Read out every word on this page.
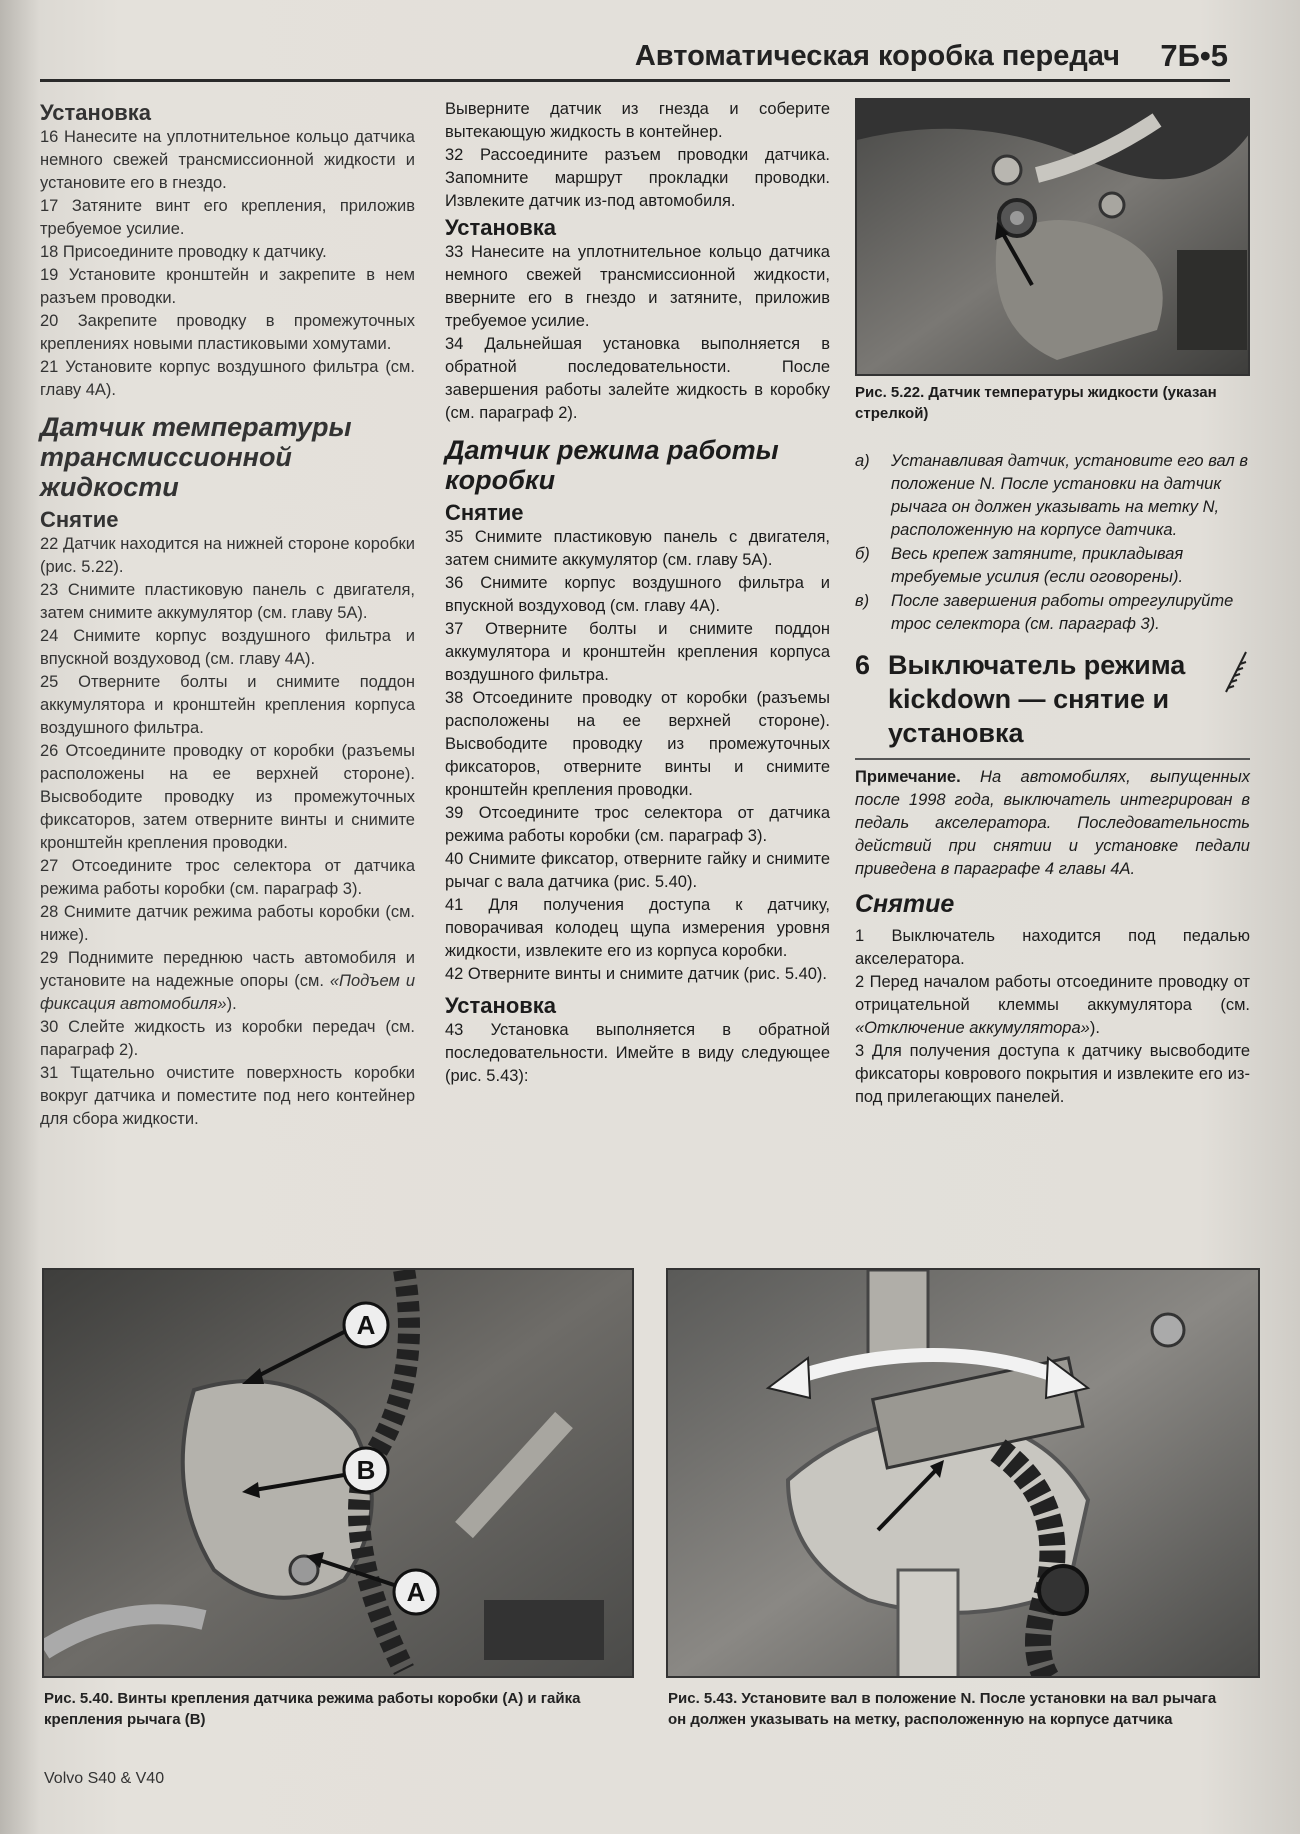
Автоматическая коробка передач 7Б•5
Установка

16 Нанесите на уплотнительное кольцо датчика немного свежей трансмиссионной жидкости и установите его в гнездо.

17 Затяните винт его крепления, приложив требуемое усилие.

18 Присоедините проводку к датчику.

19 Установите кронштейн и закрепите в нем разъем проводки.

20 Закрепите проводку в промежуточных креплениях новыми пластиковыми хомутами.

21 Установите корпус воздушного фильтра (см. главу 4А).

Датчик температуры трансмиссионной жидкости
Снятие

22 Датчик находится на нижней стороне коробки (рис. 5.22).

23 Снимите пластиковую панель с двигателя, затем снимите аккумулятор (см. главу 5А).

24 Снимите корпус воздушного фильтра и впускной воздуховод (см. главу 4А).

25 Отверните болты и снимите поддон аккумулятора и кронштейн крепления корпуса воздушного фильтра.

26 Отсоедините проводку от коробки (разъемы расположены на ее верхней стороне). Высвободите проводку из промежуточных фиксаторов, затем отверните винты и снимите кронштейн крепления проводки.

27 Отсоедините трос селектора от датчика режима работы коробки (см. параграф 3).

28 Снимите датчик режима работы коробки (см. ниже).

29 Поднимите переднюю часть автомобиля и установите на надежные опоры (см. «Подъем и фиксация автомобиля»).

30 Слейте жидкость из коробки передач (см. параграф 2).

31 Тщательно очистите поверхность коробки вокруг датчика и поместите под него контейнер для сбора жидкости.

Выверните датчик из гнезда и соберите вытекающую жидкость в контейнер.

32 Рассоедините разъем проводки датчика. Запомните маршрут прокладки проводки. Извлеките датчик из-под автомобиля.

Установка

33 Нанесите на уплотнительное кольцо датчика немного свежей трансмиссионной жидкости, вверните его в гнездо и затяните, приложив требуемое усилие.

34 Дальнейшая установка выполняется в обратной последовательности. После завершения работы залейте жидкость в коробку (см. параграф 2).

Датчик режима работы коробки
Снятие

35 Снимите пластиковую панель с двигателя, затем снимите аккумулятор (см. главу 5А).

36 Снимите корпус воздушного фильтра и впускной воздуховод (см. главу 4А).

37 Отверните болты и снимите поддон аккумулятора и кронштейн крепления корпуса воздушного фильтра.

38 Отсоедините проводку от коробки (разъемы расположены на ее верхней стороне). Высвободите проводку из промежуточных фиксаторов, отверните винты и снимите кронштейн крепления проводки.

39 Отсоедините трос селектора от датчика режима работы коробки (см. параграф 3).

40 Снимите фиксатор, отверните гайку и снимите рычаг с вала датчика (рис. 5.40).

41 Для получения доступа к датчику, поворачивая колодец щупа измерения уровня жидкости, извлеките его из корпуса коробки.

42 Отверните винты и снимите датчик (рис. 5.40).

Установка

43 Установка выполняется в обратной последовательности. Имейте в виду следующее (рис. 5.43):

Рис. 5.22. Датчик температуры жидкости (указан стрелкой)
а)	Устанавливая датчик, установите его вал в положение N. После установки на датчик рычага он должен указывать на метку N, расположенную на корпусе датчика.
б)	Весь крепеж затяните, прикладывая требуемые усилия (если оговорены).
в)	После завершения работы отрегулируйте трос селектора (см. параграф 3).
6 Выключатель режима kickdown — снятие и установка

Примечание. На автомобилях, выпущенных после 1998 года, выключатель интегрирован в педаль акселератора. Последовательность действий при снятии и установке педали приведена в параграфе 4 главы 4А.

Снятие

1 Выключатель находится под педалью акселератора.

2 Перед началом работы отсоедините проводку от отрицательной клеммы аккумулятора (см. «Отключение аккумулятора»).

3 Для получения доступа к датчику высвободите фиксаторы коврового покрытия и извлеките его из-под прилегающих панелей.

A
B
A
Рис. 5.40. Винты крепления датчика режима работы коробки (А) и гайка крепления рычага (В)
Рис. 5.43. Установите вал в положение N. После установки на вал рычага он должен указывать на метку, расположенную на корпусе датчика
Volvo S40 & V40
